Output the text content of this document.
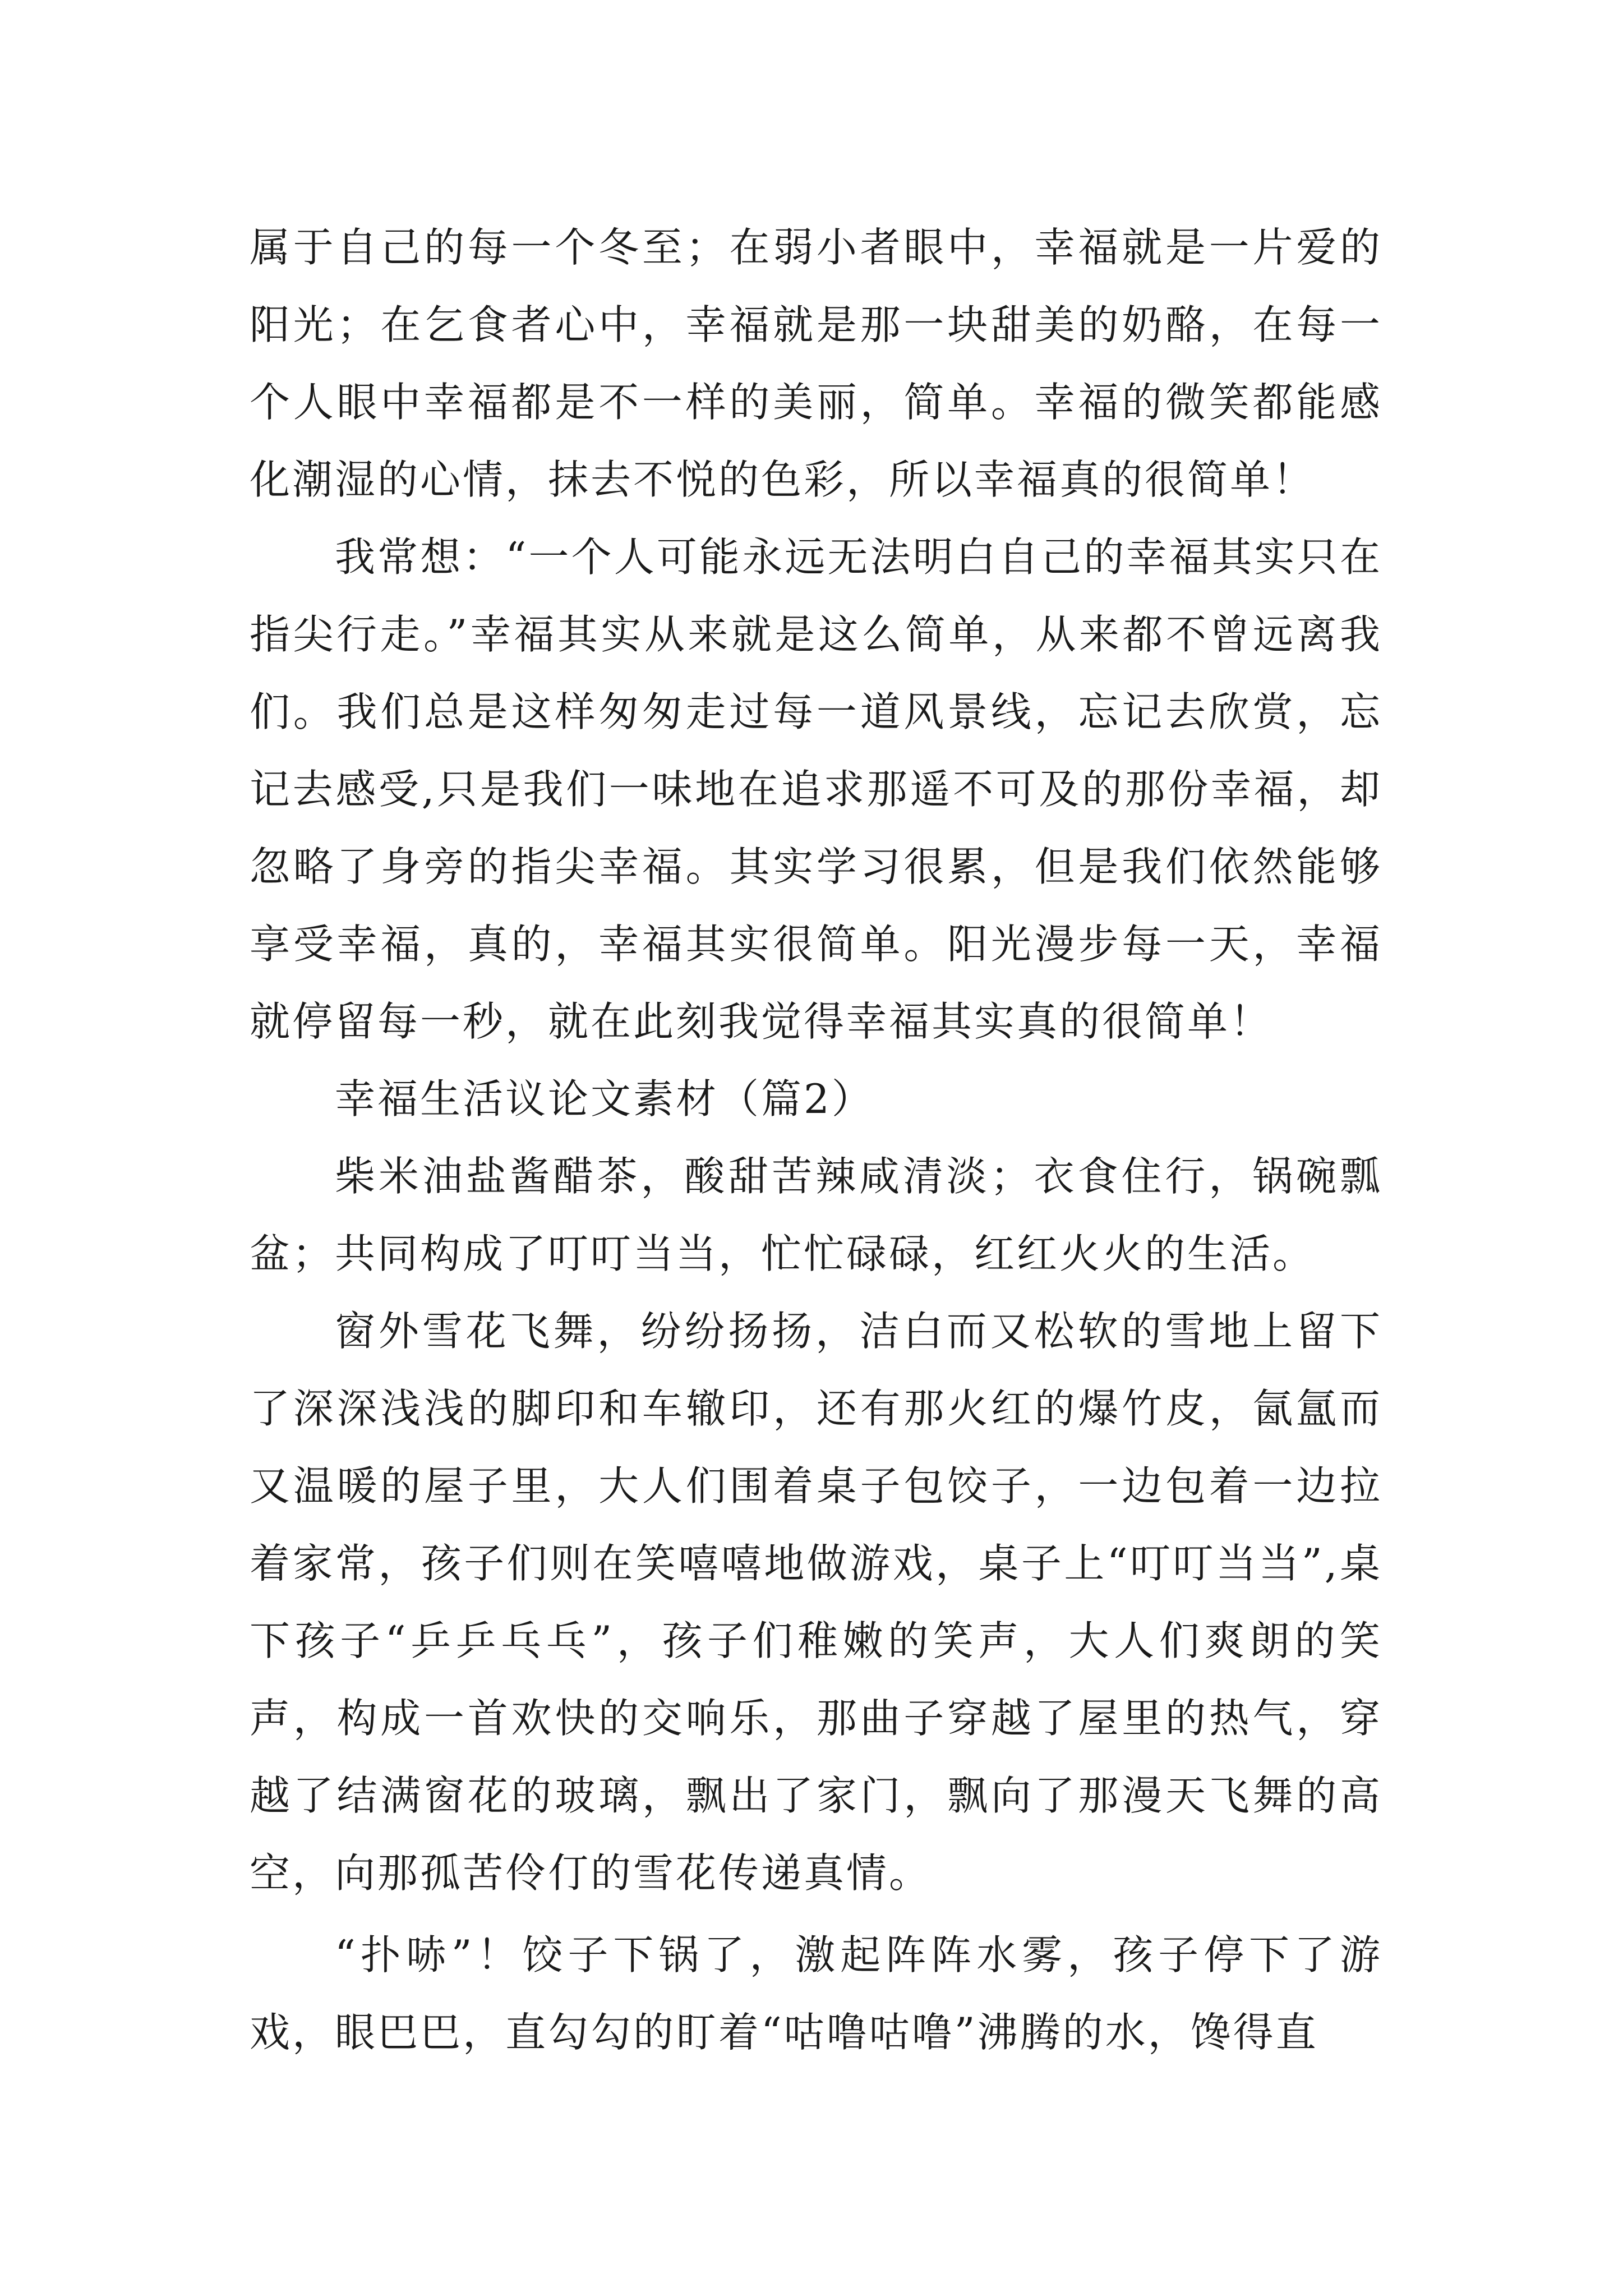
属于自己的每一个冬至；在弱小者眼中，幸福就是一片爱的阳光；在乞食者心中，幸福就是那一块甜美的奶酪，在每一个人眼中幸福都是不一样的美丽，简单。幸福的微笑都能感化潮湿的心情，抹去不悦的色彩，所以幸福真的很简单！

我常想：“一个人可能永远无法明白自己的幸福其实只在指尖行走。”幸福其实从来就是这么简单，从来都不曾远离我们。我们总是这样匆匆走过每一道风景线，忘记去欣赏，忘记去感受,只是我们一味地在追求那遥不可及的那份幸福，却忽略了身旁的指尖幸福。其实学习很累，但是我们依然能够享受幸福，真的，幸福其实很简单。阳光漫步每一天，幸福就停留每一秒，就在此刻我觉得幸福其实真的很简单！

幸福生活议论文素材（篇2）

柴米油盐酱醋茶，酸甜苦辣咸清淡；衣食住行，锅碗瓢盆；共同构成了叮叮当当，忙忙碌碌，红红火火的生活。

窗外雪花飞舞，纷纷扬扬，洁白而又松软的雪地上留下了深深浅浅的脚印和车辙印，还有那火红的爆竹皮，氤氲而又温暖的屋子里，大人们围着桌子包饺子，一边包着一边拉着家常，孩子们则在笑嘻嘻地做游戏，桌子上“叮叮当当”,桌下孩子“乒乒乓乓”，孩子们稚嫩的笑声，大人们爽朗的笑声，构成一首欢快的交响乐，那曲子穿越了屋里的热气，穿越了结满窗花的玻璃，飘出了家门，飘向了那漫天飞舞的高空，向那孤苦伶仃的雪花传递真情。

“扑哧”！饺子下锅了，激起阵阵水雾，孩子停下了游戏，眼巴巴，直勾勾的盯着“咕噜咕噜”沸腾的水，馋得直
